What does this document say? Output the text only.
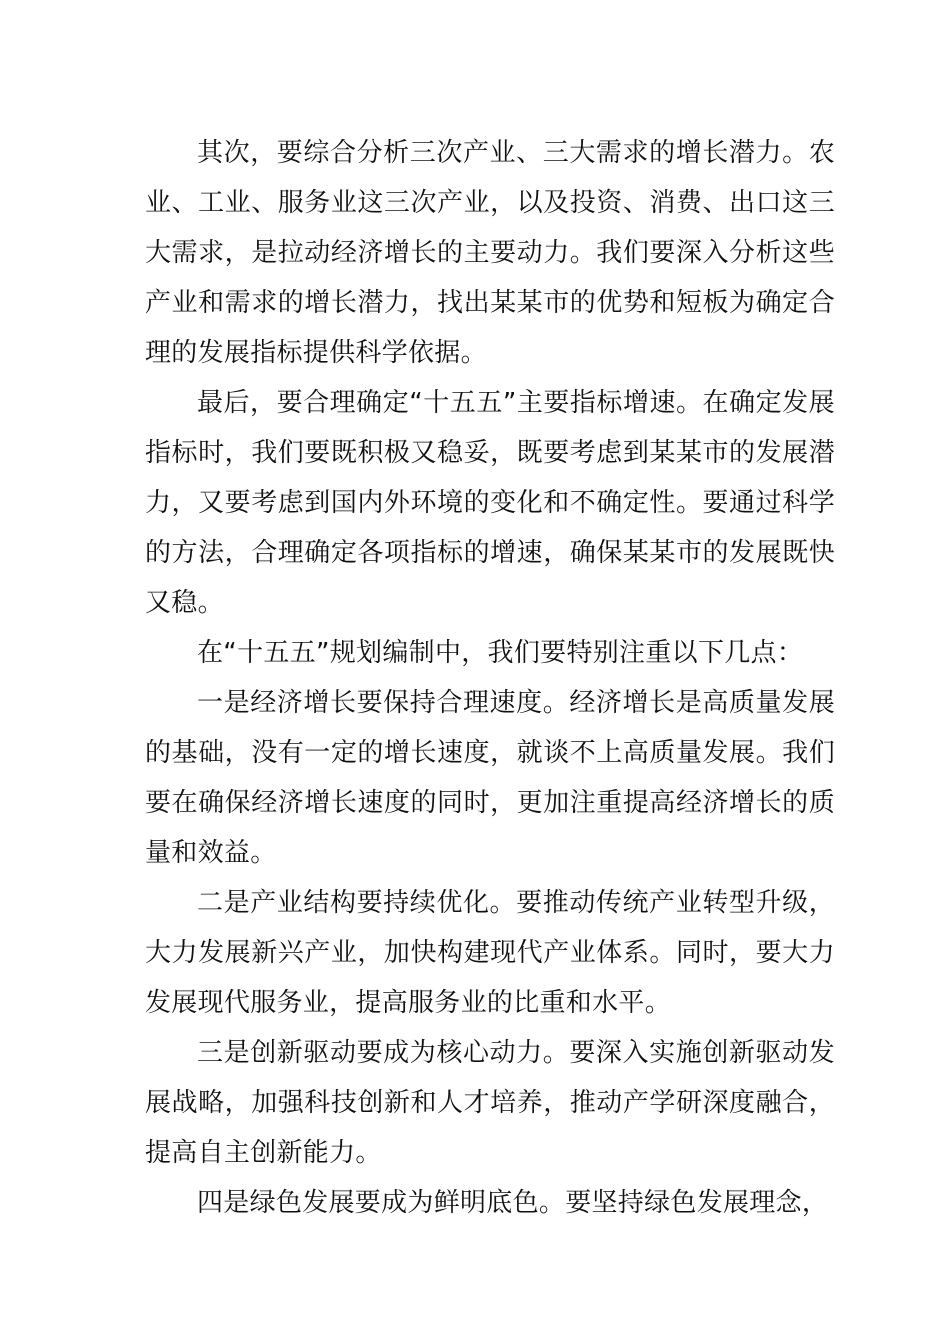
其次，要综合分析三次产业、三大需求的增长潜力。农业、工业、服务业这三次产业，以及投资、消费、出口这三大需求，是拉动经济增长的主要动力。我们要深入分析这些产业和需求的增长潜力，找出某某市的优势和短板为确定合理的发展指标提供科学依据。

最后，要合理确定“十五五”主要指标增速。在确定发展指标时，我们要既积极又稳妥，既要考虑到某某市的发展潜力，又要考虑到国内外环境的变化和不确定性。要通过科学的方法，合理确定各项指标的增速，确保某某市的发展既快又稳。

在“十五五”规划编制中，我们要特别注重以下几点：

一是经济增长要保持合理速度。经济增长是高质量发展的基础，没有一定的增长速度，就谈不上高质量发展。我们要在确保经济增长速度的同时，更加注重提高经济增长的质量和效益。

二是产业结构要持续优化。要推动传统产业转型升级，大力发展新兴产业，加快构建现代产业体系。同时，要大力发展现代服务业，提高服务业的比重和水平。

三是创新驱动要成为核心动力。要深入实施创新驱动发展战略，加强科技创新和人才培养，推动产学研深度融合，提高自主创新能力。

四是绿色发展要成为鲜明底色。要坚持绿色发展理念，
